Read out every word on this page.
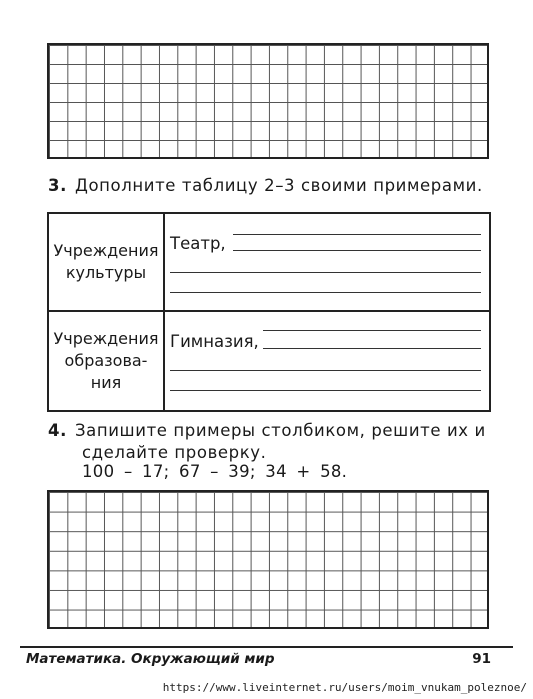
3. Дополните таблицу 2–3 своими примерами.
Учреждения
культуры	Театр,

Учреждения
образова-
ния	Гимназия,
4. Запишите примеры столбиком, решите их и
сделайте проверку.
100 – 17; 67 – 39; 34 + 58.
Математика. Окружающий мир	91
https://www.liveinternet.ru/users/moim_vnukam_poleznoe/
